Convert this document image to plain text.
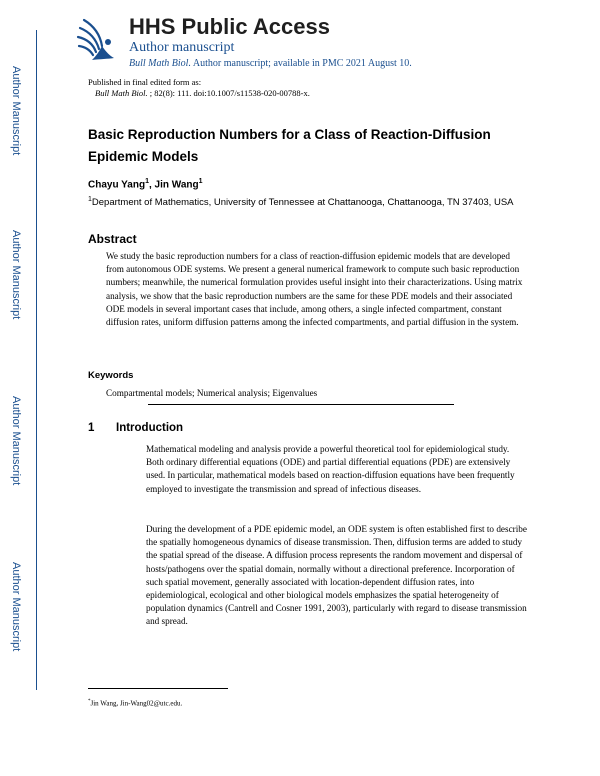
Author Manuscript
Author Manuscript
Author Manuscript
Author Manuscript
HHS Public Access
Author manuscript
Bull Math Biol. Author manuscript; available in PMC 2021 August 10.
Published in final edited form as:
Bull Math Biol. ; 82(8): 111. doi:10.1007/s11538-020-00788-x.
Basic Reproduction Numbers for a Class of Reaction-Diffusion Epidemic Models
Chayu Yang$^1$, Jin Wang$^1$
$^1$Department of Mathematics, University of Tennessee at Chattanooga, Chattanooga, TN 37403, USA
Abstract
We study the basic reproduction numbers for a class of reaction-diffusion epidemic models that are developed from autonomous ODE systems. We present a general numerical framework to compute such basic reproduction numbers; meanwhile, the numerical formulation provides useful insight into their characterizations. Using matrix analysis, we show that the basic reproduction numbers are the same for these PDE models and their associated ODE models in several important cases that include, among others, a single infected compartment, constant diffusion rates, uniform diffusion patterns among the infected compartments, and partial diffusion in the system.
Keywords
Compartmental models; Numerical analysis; Eigenvalues
1 Introduction
Mathematical modeling and analysis provide a powerful theoretical tool for epidemiological study. Both ordinary differential equations (ODE) and partial differential equations (PDE) are extensively used. In particular, mathematical models based on reaction-diffusion equations have been frequently employed to investigate the transmission and spread of infectious diseases.
During the development of a PDE epidemic model, an ODE system is often established first to describe the spatially homogeneous dynamics of disease transmission. Then, diffusion terms are added to study the spatial spread of the disease. A diffusion process represents the random movement and dispersal of hosts/pathogens over the spatial domain, normally without a directional preference. Incorporation of such spatial movement, generally associated with location-dependent diffusion rates, into epidemiological, ecological and other biological models emphasizes the spatial heterogeneity of population dynamics (Cantrell and Cosner 1991, 2003), particularly with regard to disease transmission and spread.
*Jin Wang, Jin-Wang02@utc.edu.
